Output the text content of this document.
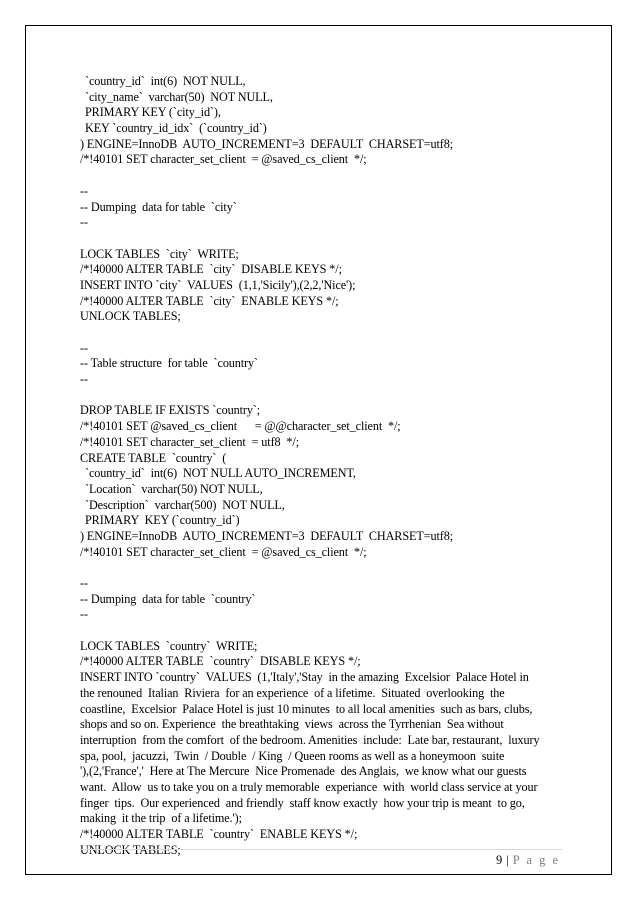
`country_id`  int(6)  NOT NULL,
`city_name`  varchar(50)  NOT NULL,
PRIMARY KEY (`city_id`),
KEY `country_id_idx`  (`country_id`)
) ENGINE=InnoDB  AUTO_INCREMENT=3  DEFAULT  CHARSET=utf8;
/*!40101 SET character_set_client  = @saved_cs_client  */;
--
-- Dumping  data for table  `city`
--
LOCK TABLES  `city`  WRITE;
/*!40000 ALTER TABLE  `city`  DISABLE KEYS */;
INSERT INTO `city`  VALUES  (1,1,'Sicily'),(2,2,'Nice');
/*!40000 ALTER TABLE  `city`  ENABLE KEYS */;
UNLOCK TABLES;
--
-- Table structure  for table  `country`
--
DROP TABLE IF EXISTS `country`;
/*!40101 SET @saved_cs_client      = @@character_set_client  */;
/*!40101 SET character_set_client  = utf8  */;
CREATE TABLE  `country`  (
`country_id`  int(6)  NOT NULL AUTO_INCREMENT,
`Location`  varchar(50) NOT NULL,
`Description`  varchar(500)  NOT NULL,
PRIMARY  KEY (`country_id`)
) ENGINE=InnoDB  AUTO_INCREMENT=3  DEFAULT  CHARSET=utf8;
/*!40101 SET character_set_client  = @saved_cs_client  */;
--
-- Dumping  data for table  `country`
--
LOCK TABLES  `country`  WRITE;
/*!40000 ALTER TABLE  `country`  DISABLE KEYS */;
INSERT INTO `country`  VALUES  (1,'Italy','Stay  in the amazing  Excelsior  Palace Hotel in
the renouned  Italian  Riviera  for an experience  of a lifetime.  Situated  overlooking  the
coastline,  Excelsior  Palace Hotel is just 10 minutes  to all local amenities  such as bars, clubs,
shops and so on. Experience  the breathtaking  views  across the Tyrrhenian  Sea without
interruption  from the comfort  of the bedroom. Amenities  include:  Late bar, restaurant,  luxury
spa, pool,  jacuzzi,  Twin  / Double  / King  / Queen rooms as well as a honeymoon  suite
'),(2,'France','  Here at The Mercure  Nice Promenade  des Anglais,  we know what our guests
want.  Allow  us to take you on a truly memorable  experiance  with  world class service at your
finger  tips.  Our experienced  and friendly  staff know exactly  how your trip is meant  to go,
making  it the trip  of a lifetime.');
/*!40000 ALTER TABLE  `country`  ENABLE KEYS */;
UNLOCK TABLES;
9 | P a g e
